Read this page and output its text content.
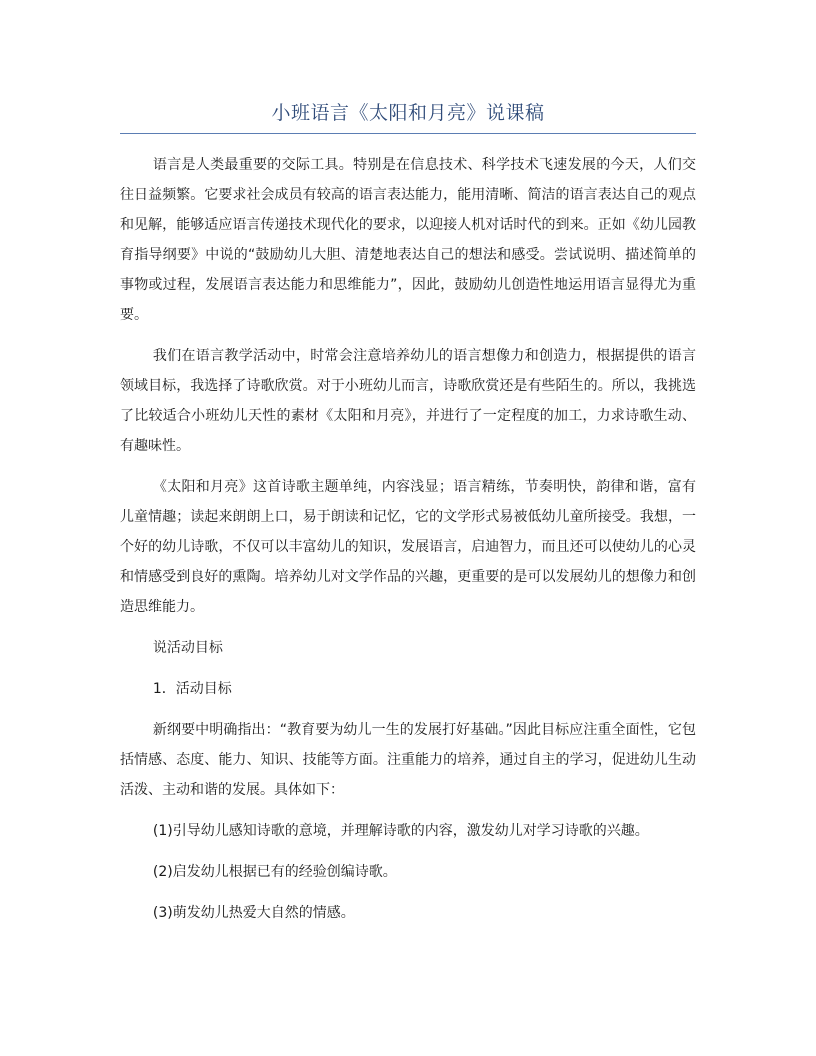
小班语言《太阳和月亮》说课稿

语言是人类最重要的交际工具。特别是在信息技术、科学技术飞速发展的今天，人们交往日益频繁。它要求社会成员有较高的语言表达能力，能用清晰、简洁的语言表达自己的观点和见解，能够适应语言传递技术现代化的要求，以迎接人机对话时代的到来。正如《幼儿园教育指导纲要》中说的“鼓励幼儿大胆、清楚地表达自己的想法和感受。尝试说明、描述简单的事物或过程，发展语言表达能力和思维能力”，因此，鼓励幼儿创造性地运用语言显得尤为重要。

我们在语言教学活动中，时常会注意培养幼儿的语言想像力和创造力，根据提供的语言领域目标，我选择了诗歌欣赏。对于小班幼儿而言，诗歌欣赏还是有些陌生的。所以，我挑选了比较适合小班幼儿天性的素材《太阳和月亮》，并进行了一定程度的加工，力求诗歌生动、有趣味性。

《太阳和月亮》这首诗歌主题单纯，内容浅显；语言精练，节奏明快，韵律和谐，富有儿童情趣；读起来朗朗上口，易于朗读和记忆，它的文学形式易被低幼儿童所接受。我想，一个好的幼儿诗歌，不仅可以丰富幼儿的知识，发展语言，启迪智力，而且还可以使幼儿的心灵和情感受到良好的熏陶。培养幼儿对文学作品的兴趣，更重要的是可以发展幼儿的想像力和创造思维能力。

说活动目标

1．活动目标

新纲要中明确指出：“教育要为幼儿一生的发展打好基础。”因此目标应注重全面性，它包括情感、态度、能力、知识、技能等方面。注重能力的培养，通过自主的学习，促进幼儿生动活泼、主动和谐的发展。具体如下：

(1)引导幼儿感知诗歌的意境，并理解诗歌的内容，激发幼儿对学习诗歌的兴趣。

(2)启发幼儿根据已有的经验创编诗歌。

(3)萌发幼儿热爱大自然的情感。
